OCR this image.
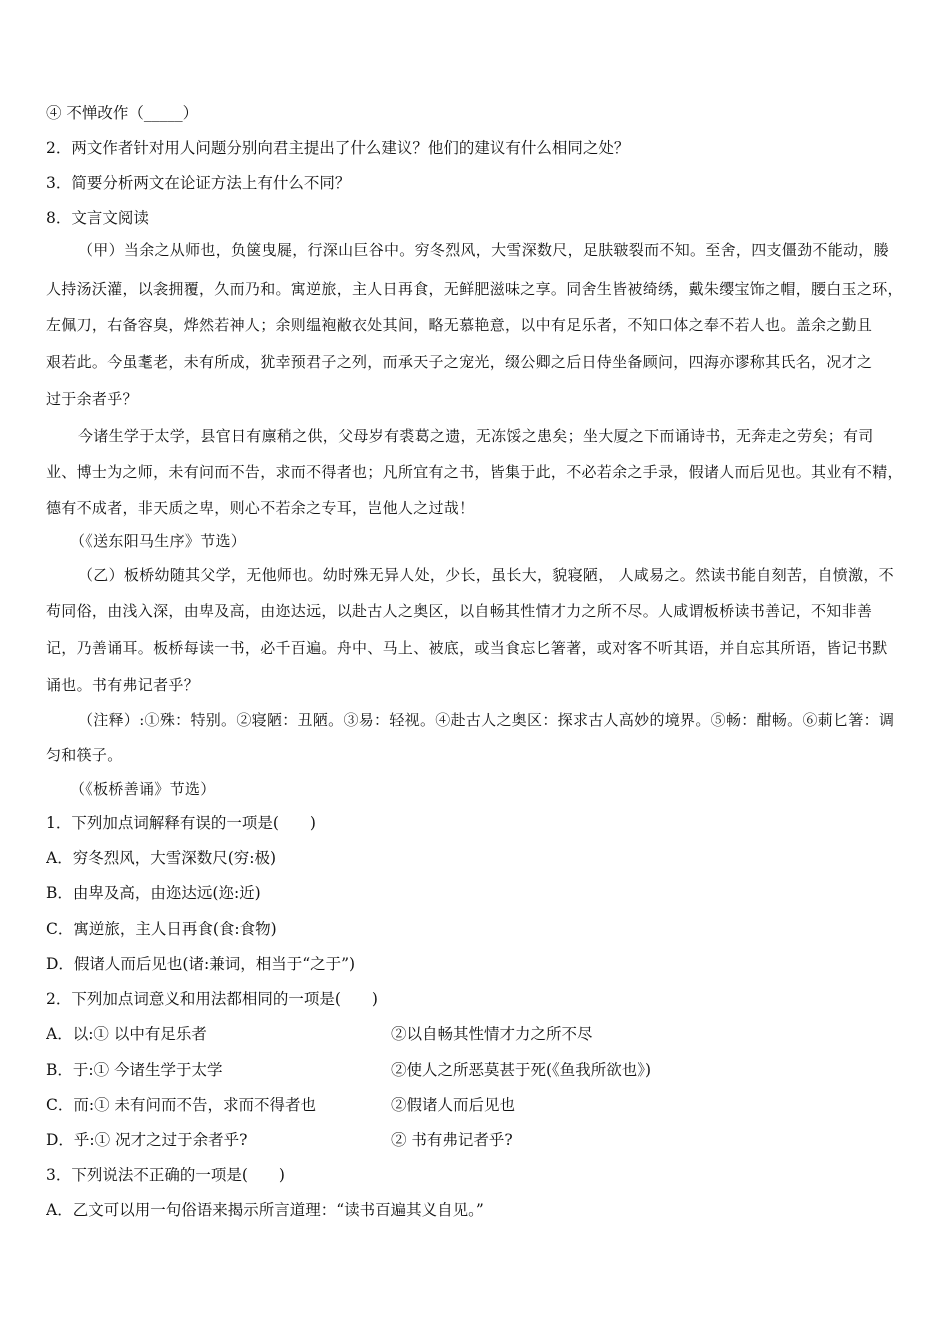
④ 不惮改作（_____）
2．两文作者针对用人问题分别向君主提出了什么建议？他们的建议有什么相同之处？
3．简要分析两文在论证方法上有什么不同？
8．文言文阅读
（甲）当余之从师也，负箧曳屣，行深山巨谷中。穷冬烈风，大雪深数尺，足肤皲裂而不知。至舍，四支僵劲不能动，媵
人持汤沃灌，以衾拥覆，久而乃和。寓逆旅，主人日再食，无鲜肥滋味之享。同舍生皆被绮绣，戴朱缨宝饰之帽，腰白玉之环，
左佩刀，右备容臭，烨然若神人；余则缊袍敝衣处其间，略无慕艳意，以中有足乐者，不知口体之奉不若人也。盖余之勤且
艰若此。今虽耄老，未有所成，犹幸预君子之列，而承天子之宠光，缀公卿之后日侍坐备顾问，四海亦谬称其氏名，况才之
过于余者乎？
今诸生学于太学，县官日有廪稍之供，父母岁有裘葛之遗，无冻馁之患矣；坐大厦之下而诵诗书，无奔走之劳矣；有司
业、博士为之师，未有问而不告，求而不得者也；凡所宜有之书，皆集于此，不必若余之手录，假诸人而后见也。其业有不精，
德有不成者，非天质之卑，则心不若余之专耳，岂他人之过哉！
（《送东阳马生序》节选）
（乙）板桥幼随其父学，无他师也。幼时殊无异人处，少长，虽长大，貌寝陋， 人咸易之。然读书能自刻苦，自愤激，不
苟同俗，由浅入深，由卑及高，由迩达远，以赴古人之奥区，以自畅其性情才力之所不尽。人咸谓板桥读书善记，不知非善
记，乃善诵耳。板桥每读一书，必千百遍。舟中、马上、被底，或当食忘匕箸著，或对客不听其语，并自忘其所语，皆记书默
诵也。书有弗记者乎？
（注释）:①殊：特别。②寝陋：丑陋。③易：轻视。④赴古人之奥区：探求古人高妙的境界。⑤畅：酣畅。⑥莿匕箸：调
匀和筷子。
（《板桥善诵》节选）
1．下列加点词解释有误的一项是(　　)
A．穷冬烈风，大雪深数尺(穷:极)
B．由卑及高，由迩达远(迩:近)
C．寓逆旅，主人日再食(食:食物)
D．假诸人而后见也(诸:兼词，相当于“之于”)
2．下列加点词意义和用法都相同的一项是(　　)
A．以:① 以中有足乐者	②以自畅其性情才力之所不尽
B．于:① 今诸生学于太学	②使人之所恶莫甚于死(《鱼我所欲也》)
C．而:① 未有问而不告，求而不得者也	②假诸人而后见也
D．乎:① 况才之过于余者乎?	② 书有弗记者乎?
3．下列说法不正确的一项是(　　)
A．乙文可以用一句俗语来揭示所言道理：“读书百遍其义自见。”
